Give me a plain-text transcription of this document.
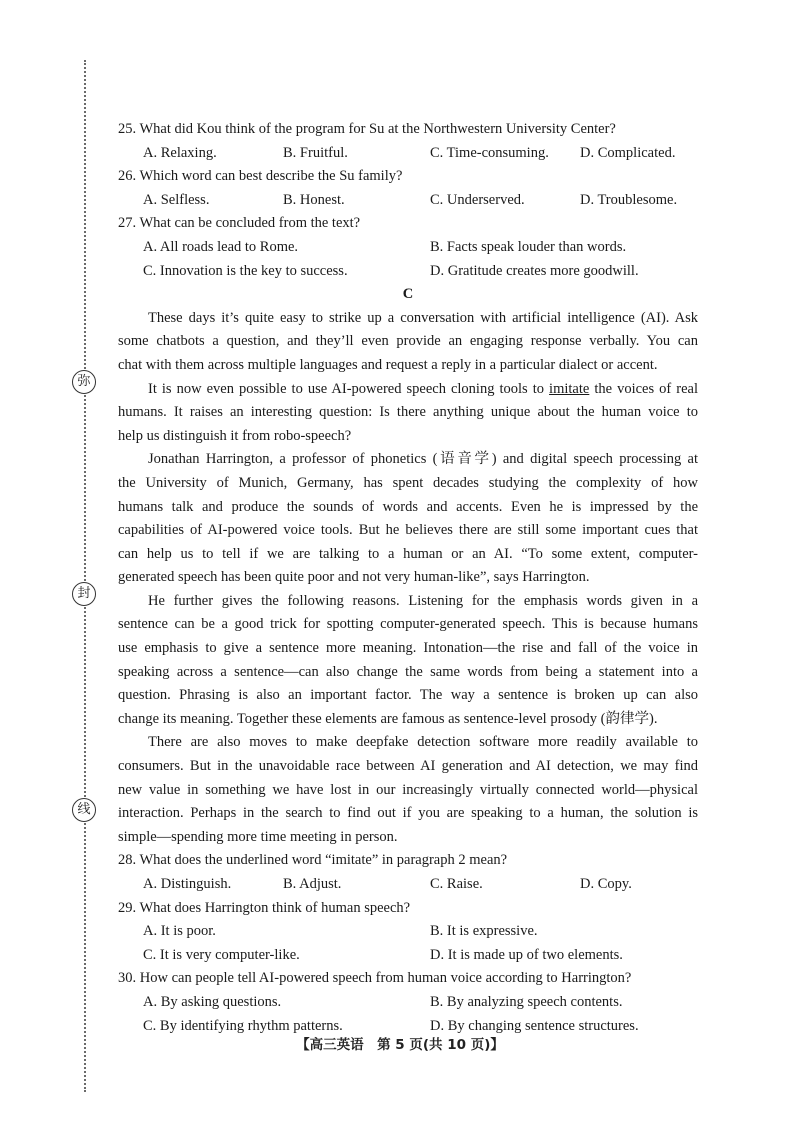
弥
封
线
25. What did Kou think of the program for Su at the Northwestern University Center?
A. Relaxing.	B. Fruitful.	C. Time-consuming. D. Complicated.
26. Which word can best describe the Su family?
A. Selfless.	B. Honest.	C. Underserved.	D. Troublesome.
27. What can be concluded from the text?
A. All roads lead to Rome.	B. Facts speak louder than words.
C. Innovation is the key to success.	D. Gratitude creates more goodwill.
C
These days it’s quite easy to strike up a conversation with artificial intelligence (AI). Ask
some chatbots a question, and they’ll even provide an engaging response verbally. You can
chat with them across multiple languages and request a reply in a particular dialect or accent.
It is now even possible to use AI-powered speech cloning tools to imitate the voices of real
humans. It raises an interesting question: Is there anything unique about the human voice to
help us distinguish it from robo-speech?
Jonathan Harrington, a professor of phonetics (语音学) and digital speech processing at
the University of Munich, Germany, has spent decades studying the complexity of how
humans talk and produce the sounds of words and accents. Even he is impressed by the
capabilities of AI-powered voice tools. But he believes there are still some important cues that
can help us to tell if we are talking to a human or an AI. “To some extent, computer-
generated speech has been quite poor and not very human-like”, says Harrington.
He further gives the following reasons. Listening for the emphasis words given in a
sentence can be a good trick for spotting computer-generated speech. This is because humans
use emphasis to give a sentence more meaning. Intonation—the rise and fall of the voice in
speaking across a sentence—can also change the same words from being a statement into a
question. Phrasing is also an important factor. The way a sentence is broken up can also
change its meaning. Together these elements are famous as sentence-level prosody (韵律学).
There are also moves to make deepfake detection software more readily available to
consumers. But in the unavoidable race between AI generation and AI detection, we may find
new value in something we have lost in our increasingly virtually connected world—physical
interaction. Perhaps in the search to find out if you are speaking to a human, the solution is
simple—spending more time meeting in person.
28. What does the underlined word “imitate” in paragraph 2 mean?
A. Distinguish.	B. Adjust.	C. Raise.	D. Copy.
29. What does Harrington think of human speech?
A. It is poor.	B. It is expressive.
C. It is very computer-like.	D. It is made up of two elements.
30. How can people tell AI-powered speech from human voice according to Harrington?
A. By asking questions.	B. By analyzing speech contents.
C. By identifying rhythm patterns.	D. By changing sentence structures.
【高三英语　第 5 页(共 10 页)】
